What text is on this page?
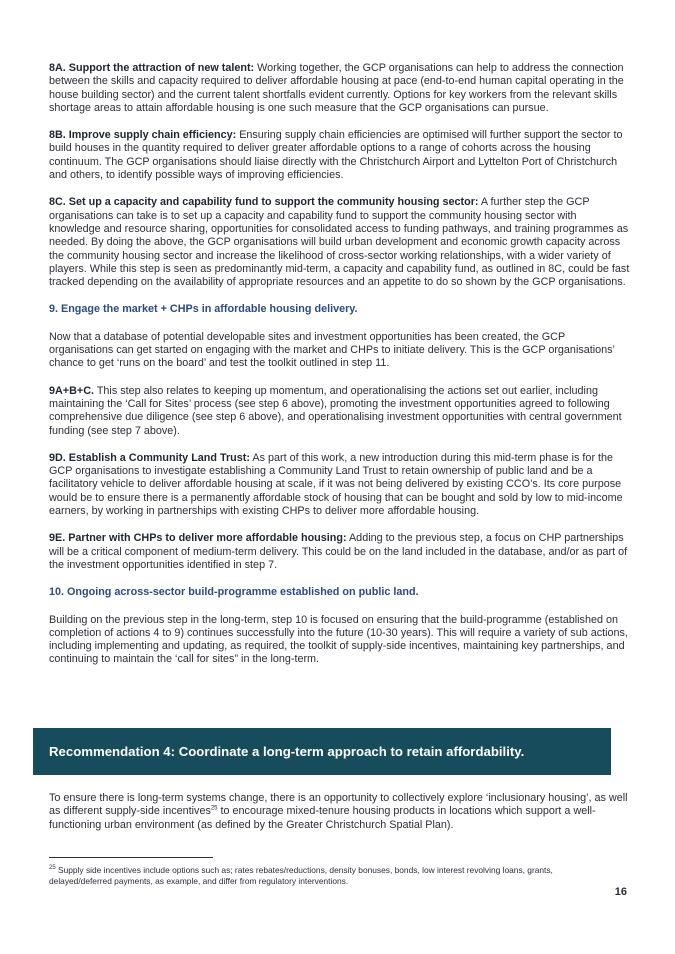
8A. Support the attraction of new talent: Working together, the GCP organisations can help to address the connection between the skills and capacity required to deliver affordable housing at pace (end-to-end human capital operating in the house building sector) and the current talent shortfalls evident currently. Options for key workers from the relevant skills shortage areas to attain affordable housing is one such measure that the GCP organisations can pursue.

8B. Improve supply chain efficiency: Ensuring supply chain efficiencies are optimised will further support the sector to build houses in the quantity required to deliver greater affordable options to a range of cohorts across the housing continuum. The GCP organisations should liaise directly with the Christchurch Airport and Lyttelton Port of Christchurch and others, to identify possible ways of improving efficiencies.

8C. Set up a capacity and capability fund to support the community housing sector: A further step the GCP organisations can take is to set up a capacity and capability fund to support the community housing sector with knowledge and resource sharing, opportunities for consolidated access to funding pathways, and training programmes as needed. By doing the above, the GCP organisations will build urban development and economic growth capacity across the community housing sector and increase the likelihood of cross-sector working relationships, with a wider variety of players. While this step is seen as predominantly mid-term, a capacity and capability fund, as outlined in 8C, could be fast tracked depending on the availability of appropriate resources and an appetite to do so shown by the GCP organisations.

9. Engage the market + CHPs in affordable housing delivery.

Now that a database of potential developable sites and investment opportunities has been created, the GCP organisations can get started on engaging with the market and CHPs to initiate delivery. This is the GCP organisations’ chance to get ‘runs on the board’ and test the toolkit outlined in step 11.

9A+B+C. This step also relates to keeping up momentum, and operationalising the actions set out earlier, including maintaining the ‘Call for Sites’ process (see step 6 above), promoting the investment opportunities agreed to following comprehensive due diligence (see step 6 above), and operationalising investment opportunities with central government funding (see step 7 above).

9D. Establish a Community Land Trust: As part of this work, a new introduction during this mid-term phase is for the GCP organisations to investigate establishing a Community Land Trust to retain ownership of public land and be a facilitatory vehicle to deliver affordable housing at scale, if it was not being delivered by existing CCO’s. Its core purpose would be to ensure there is a permanently affordable stock of housing that can be bought and sold by low to mid-income earners, by working in partnerships with existing CHPs to deliver more affordable housing.

9E. Partner with CHPs to deliver more affordable housing: Adding to the previous step, a focus on CHP partnerships will be a critical component of medium-term delivery. This could be on the land included in the database, and/or as part of the investment opportunities identified in step 7.

10. Ongoing across-sector build-programme established on public land.

Building on the previous step in the long-term, step 10 is focused on ensuring that the build-programme (established on completion of actions 4 to 9) continues successfully into the future (10-30 years). This will require a variety of sub actions, including implementing and updating, as required, the toolkit of supply-side incentives, maintaining key partnerships, and continuing to maintain the ‘call for sites” in the long-term.

Recommendation 4: Coordinate a long-term approach to retain affordability.

To ensure there is long-term systems change, there is an opportunity to collectively explore ‘inclusionary housing’, as well as different supply-side incentives$^{25}$ to encourage mixed-tenure housing products in locations which support a well-functioning urban environment (as defined by the Greater Christchurch Spatial Plan).

$^{25}$ Supply side incentives include options such as; rates rebates/reductions, density bonuses, bonds, low interest revolving loans, grants, delayed/deferred payments, as example, and differ from regulatory interventions.
16
